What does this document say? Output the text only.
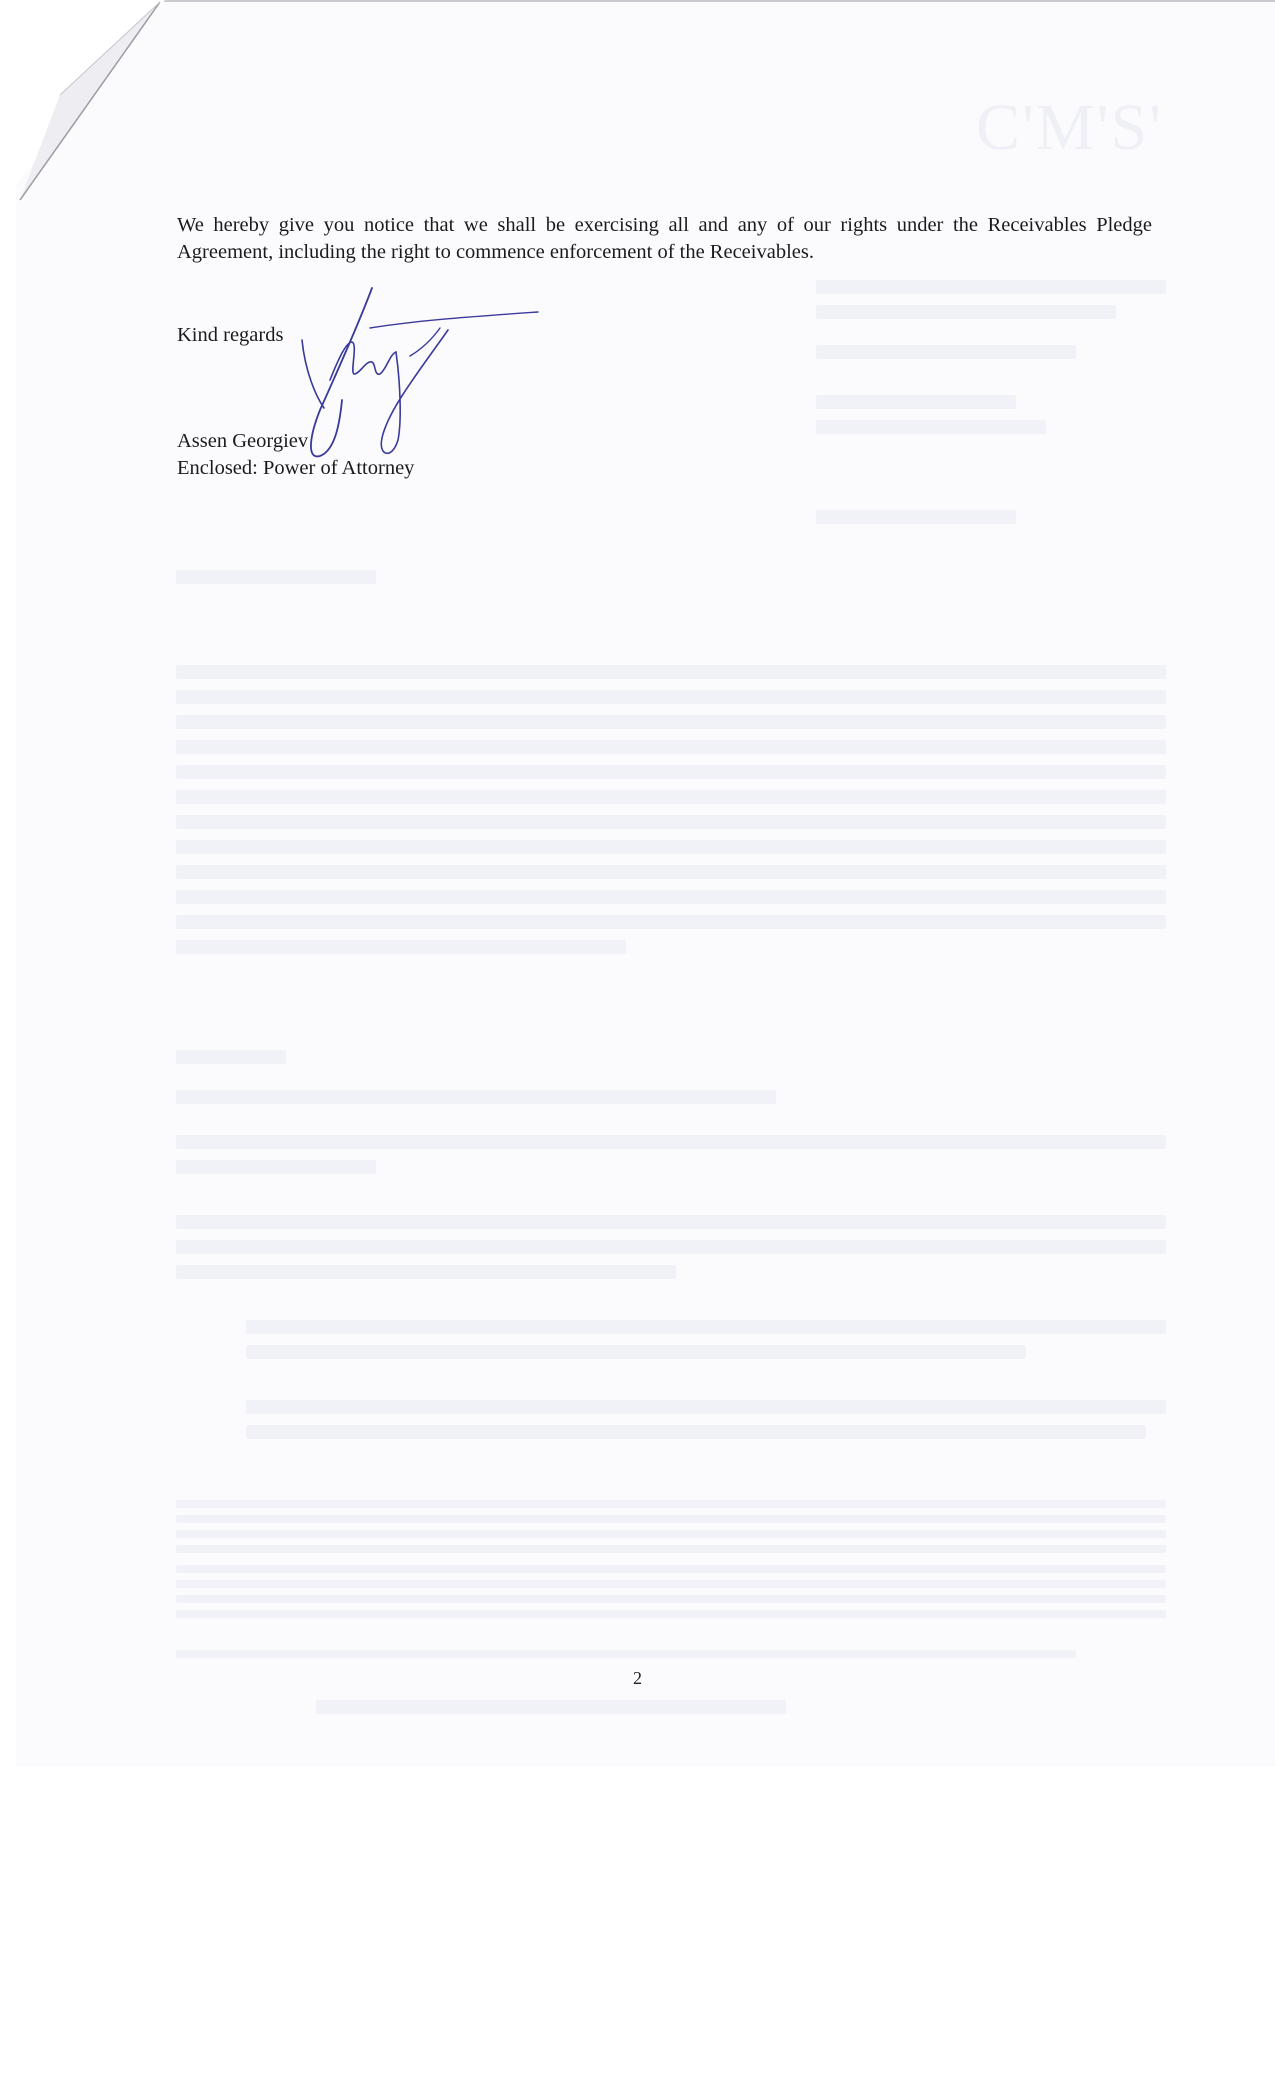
C'M'S'

We hereby give you notice that we shall be exercising all and any of our rights under the Receivables Pledge Agreement, including the right to commence enforcement of the Receivables.

Kind regards

Assen Georgiev

Enclosed: Power of Attorney

2
